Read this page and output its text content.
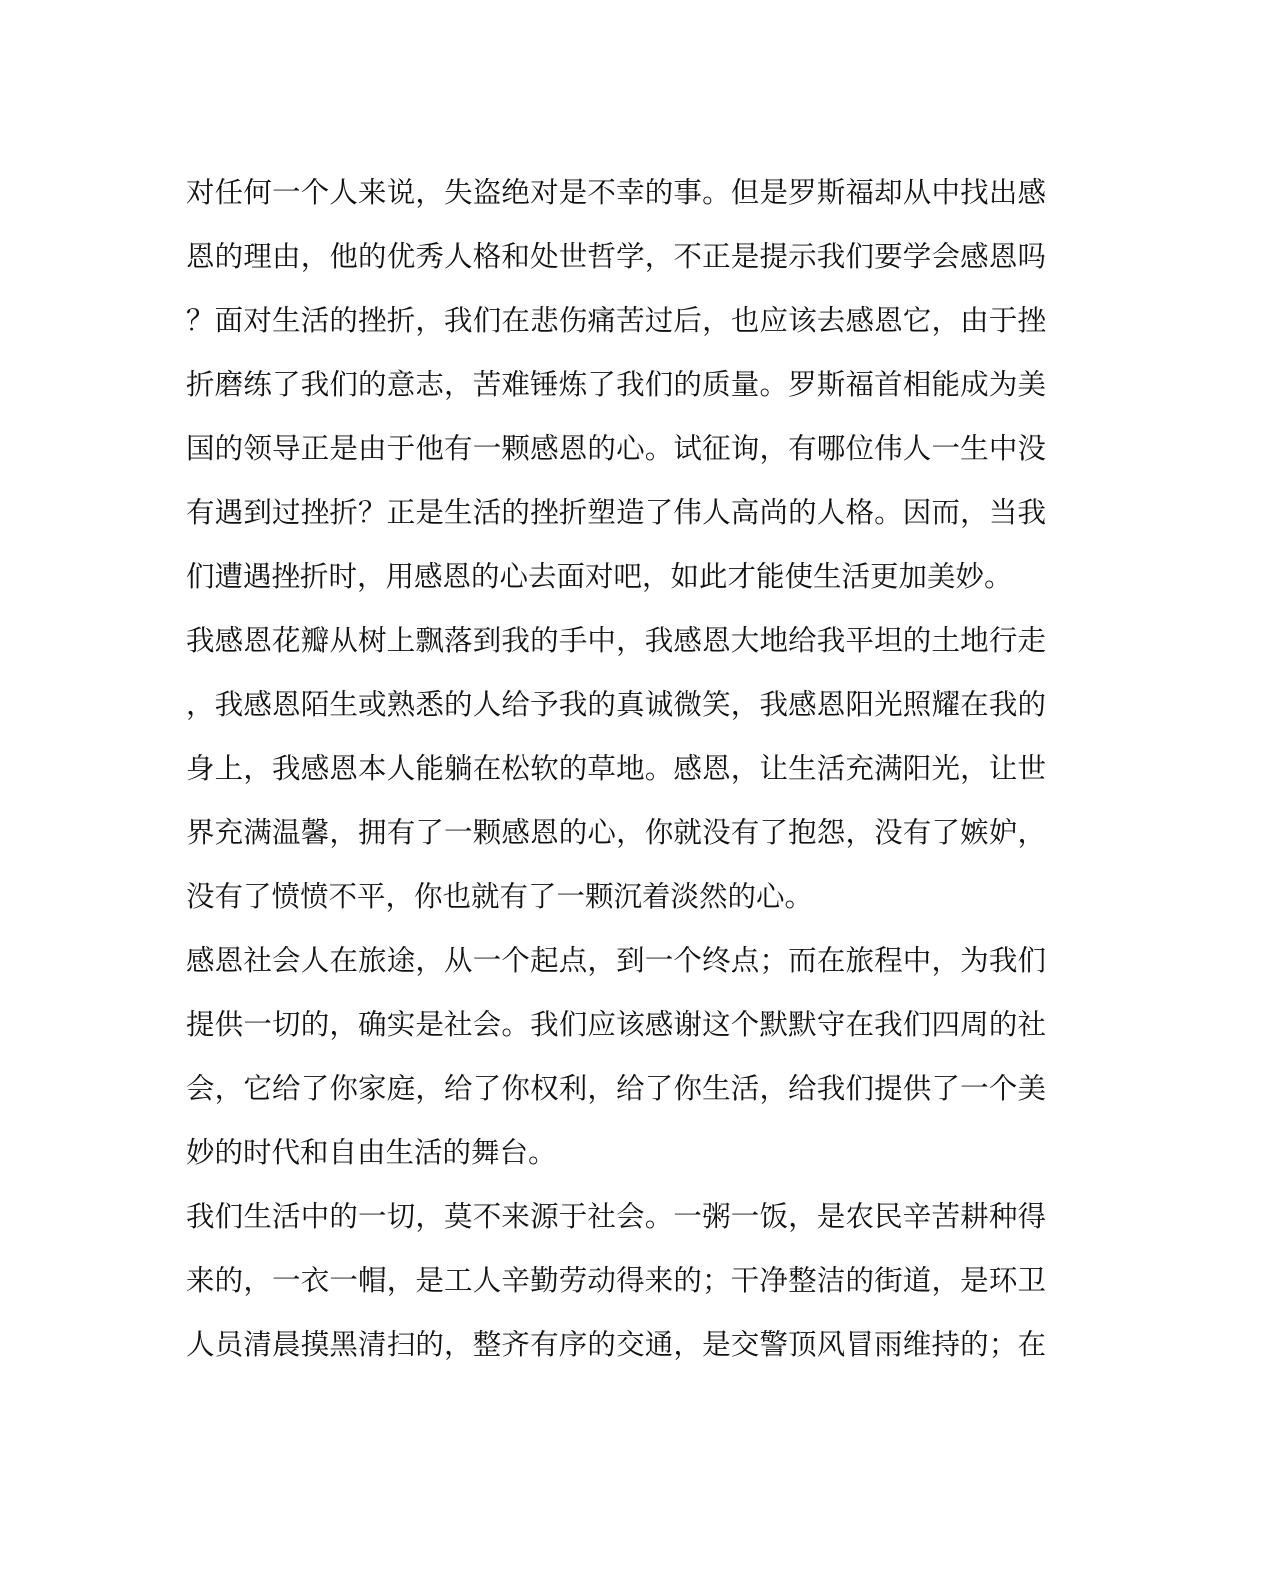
对任何一个人来说，失盗绝对是不幸的事。但是罗斯福却从中找出感
恩的理由，他的优秀人格和处世哲学，不正是提示我们要学会感恩吗
？面对生活的挫折，我们在悲伤痛苦过后，也应该去感恩它，由于挫
折磨练了我们的意志，苦难锤炼了我们的质量。罗斯福首相能成为美
国的领导正是由于他有一颗感恩的心。试征询，有哪位伟人一生中没
有遇到过挫折？正是生活的挫折塑造了伟人高尚的人格。因而，当我
们遭遇挫折时，用感恩的心去面对吧，如此才能使生活更加美妙。
我感恩花瓣从树上飘落到我的手中，我感恩大地给我平坦的土地行走
，我感恩陌生或熟悉的人给予我的真诚微笑，我感恩阳光照耀在我的
身上，我感恩本人能躺在松软的草地。感恩，让生活充满阳光，让世
界充满温馨，拥有了一颗感恩的心，你就没有了抱怨，没有了嫉妒，
没有了愤愤不平，你也就有了一颗沉着淡然的心。
感恩社会人在旅途，从一个起点，到一个终点；而在旅程中，为我们
提供一切的，确实是社会。我们应该感谢这个默默守在我们四周的社
会，它给了你家庭，给了你权利，给了你生活，给我们提供了一个美
妙的时代和自由生活的舞台。
我们生活中的一切，莫不来源于社会。一粥一饭，是农民辛苦耕种得
来的，一衣一帽，是工人辛勤劳动得来的；干净整洁的街道，是环卫
人员清晨摸黑清扫的，整齐有序的交通，是交警顶风冒雨维持的；在
